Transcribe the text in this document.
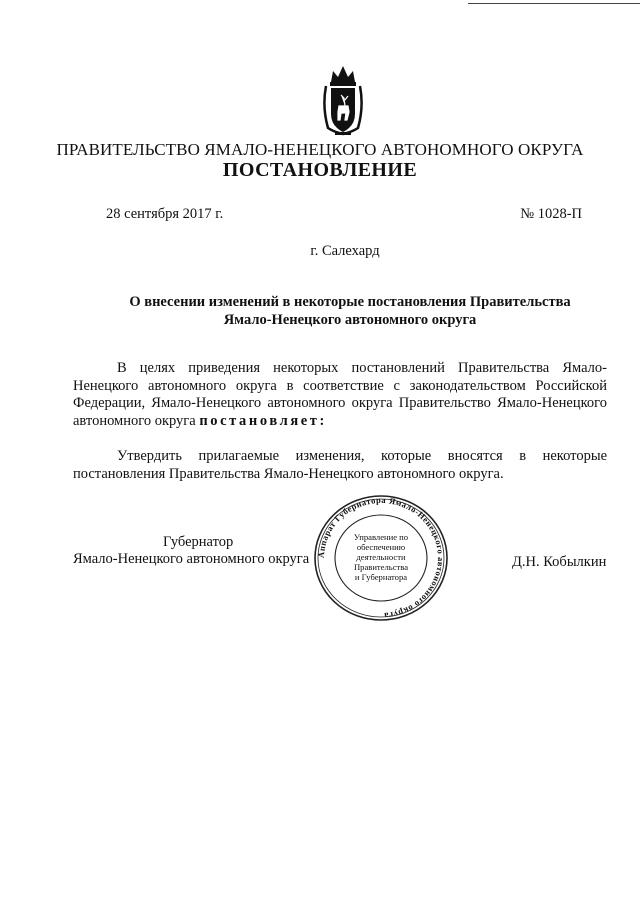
ПРАВИТЕЛЬСТВО ЯМАЛО-НЕНЕЦКОГО АВТОНОМНОГО ОКРУГА
ПОСТАНОВЛЕНИЕ
28 сентября 2017 г.	№ 1028-П
г. Салехард
О внесении изменений в некоторые постановления Правительства
Ямало-Ненецкого автономного округа
В целях приведения некоторых постановлений Правительства Ямало-Ненецкого автономного округа в соответствие с законодательством Российской Федерации, Ямало-Ненецкого автономного округа Правительство Ямало-Ненецкого автономного округа постановляет:
Утвердить прилагаемые изменения, которые вносятся в некоторые постановления Правительства Ямало-Ненецкого автономного округа.
Губернатор
Ямало-Ненецкого автономного округа	Д.Н. Кобылкин
Аппарат Губернатора Ямало-Ненецкого автономного округа
Управление по
обеспечению
деятельности
Правительства
и Губернатора
